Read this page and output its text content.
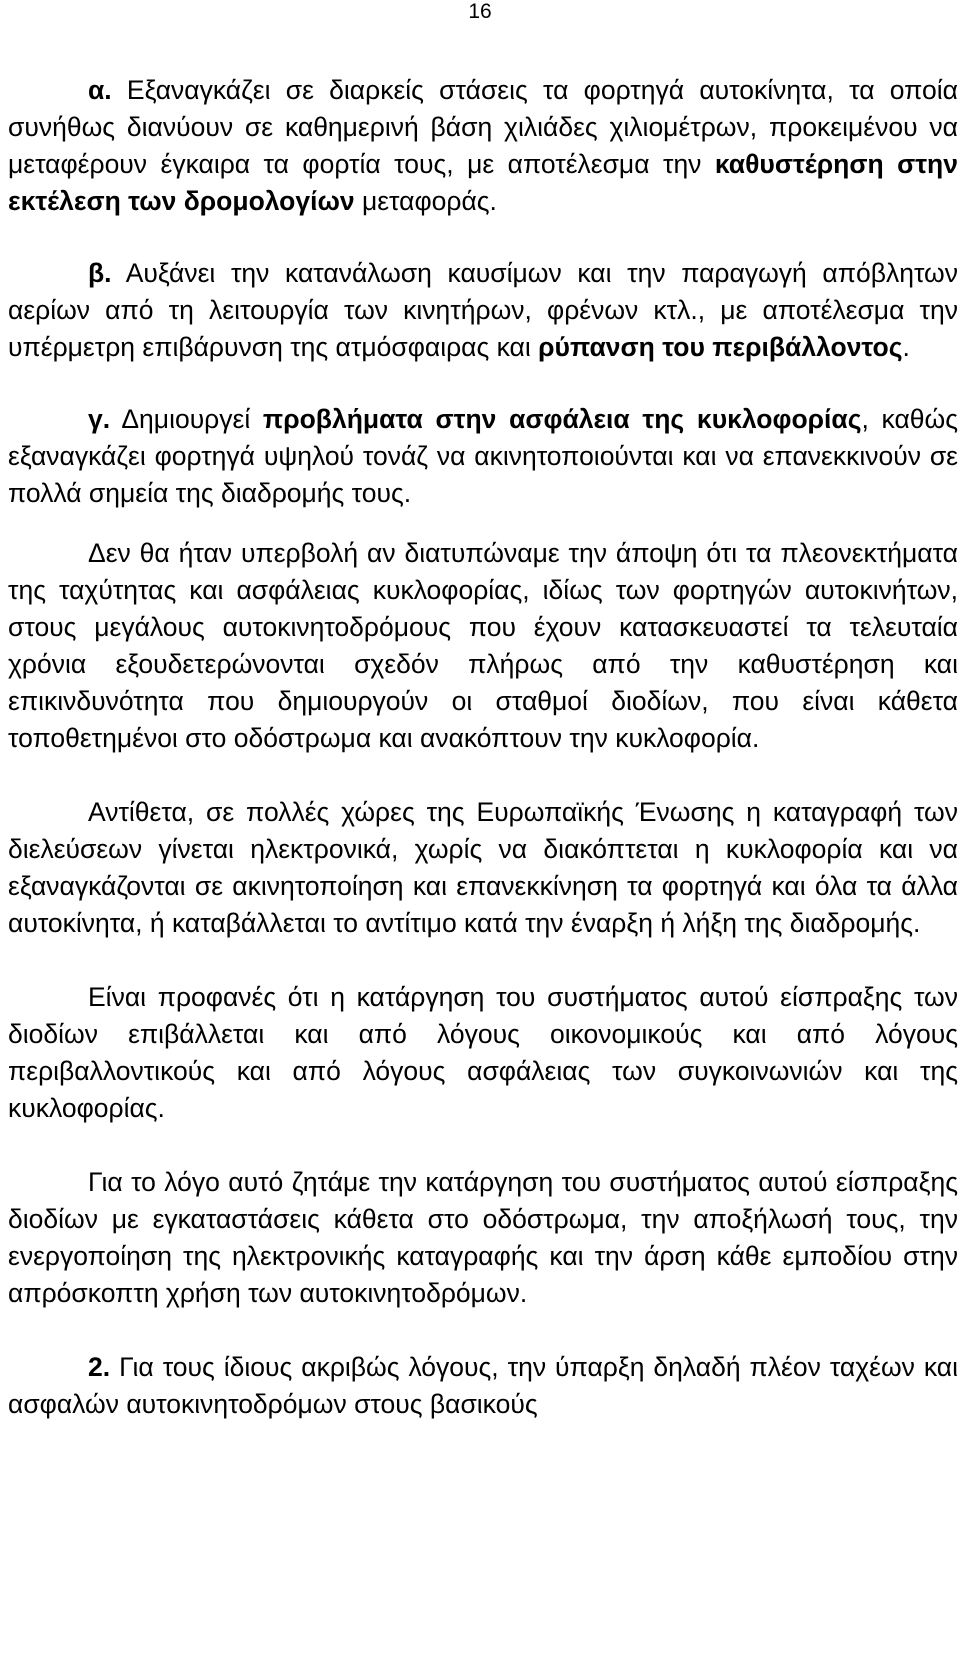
16

α. Εξαναγκάζει σε διαρκείς στάσεις τα φορτηγά αυτοκίνητα, τα οποία συνήθως διανύουν σε καθημερινή βάση χιλιάδες χιλιομέτρων, προκειμένου να μεταφέρουν έγκαιρα τα φορτία τους, με αποτέλεσμα την καθυστέρηση στην εκτέλεση των δρομολογίων μεταφοράς.

β. Αυξάνει την κατανάλωση καυσίμων και την παραγωγή απόβλητων αερίων από τη λειτουργία των κινητήρων, φρένων κτλ., με αποτέλεσμα την υπέρμετρη επιβάρυνση της ατμόσφαιρας και ρύπανση του περιβάλλοντος.

γ. Δημιουργεί προβλήματα στην ασφάλεια της κυκλοφορίας, καθώς εξαναγκάζει φορτηγά υψηλού τονάζ να ακινητοποιούνται και να επανεκκινούν σε πολλά σημεία της διαδρομής τους.

Δεν θα ήταν υπερβολή αν διατυπώναμε την άποψη ότι τα πλεονεκτήματα της ταχύτητας και ασφάλειας κυκλοφορίας, ιδίως των φορτηγών αυτοκινήτων, στους μεγάλους αυτοκινητοδρόμους που έχουν κατασκευαστεί τα τελευταία χρόνια εξουδετερώνονται σχεδόν πλήρως από την καθυστέρηση και επικινδυνότητα που δημιουργούν οι σταθμοί διοδίων, που είναι κάθετα τοποθετημένοι στο οδόστρωμα και ανακόπτουν την κυκλοφορία.

Αντίθετα, σε πολλές χώρες της Ευρωπαϊκής Ένωσης η καταγραφή των διελεύσεων γίνεται ηλεκτρονικά, χωρίς να διακόπτεται η κυκλοφορία και να εξαναγκάζονται σε ακινητοποίηση και επανεκκίνηση τα φορτηγά και όλα τα άλλα αυτοκίνητα, ή καταβάλλεται το αντίτιμο κατά την έναρξη ή λήξη της διαδρομής.

Είναι προφανές ότι η κατάργηση του συστήματος αυτού είσπραξης των διοδίων επιβάλλεται και από λόγους οικονομικούς και από λόγους περιβαλλοντικούς και από λόγους ασφάλειας των συγκοινωνιών και της κυκλοφορίας.

Για το λόγο αυτό ζητάμε την κατάργηση του συστήματος αυτού είσπραξης διοδίων με εγκαταστάσεις κάθετα στο οδόστρωμα, την αποξήλωσή τους, την ενεργοποίηση της ηλεκτρονικής καταγραφής και την άρση κάθε εμποδίου στην απρόσκοπτη χρήση των αυτοκινητοδρόμων.

2. Για τους ίδιους ακριβώς λόγους, την ύπαρξη δηλαδή πλέον ταχέων και ασφαλών αυτοκινητοδρόμων στους βασικούς
